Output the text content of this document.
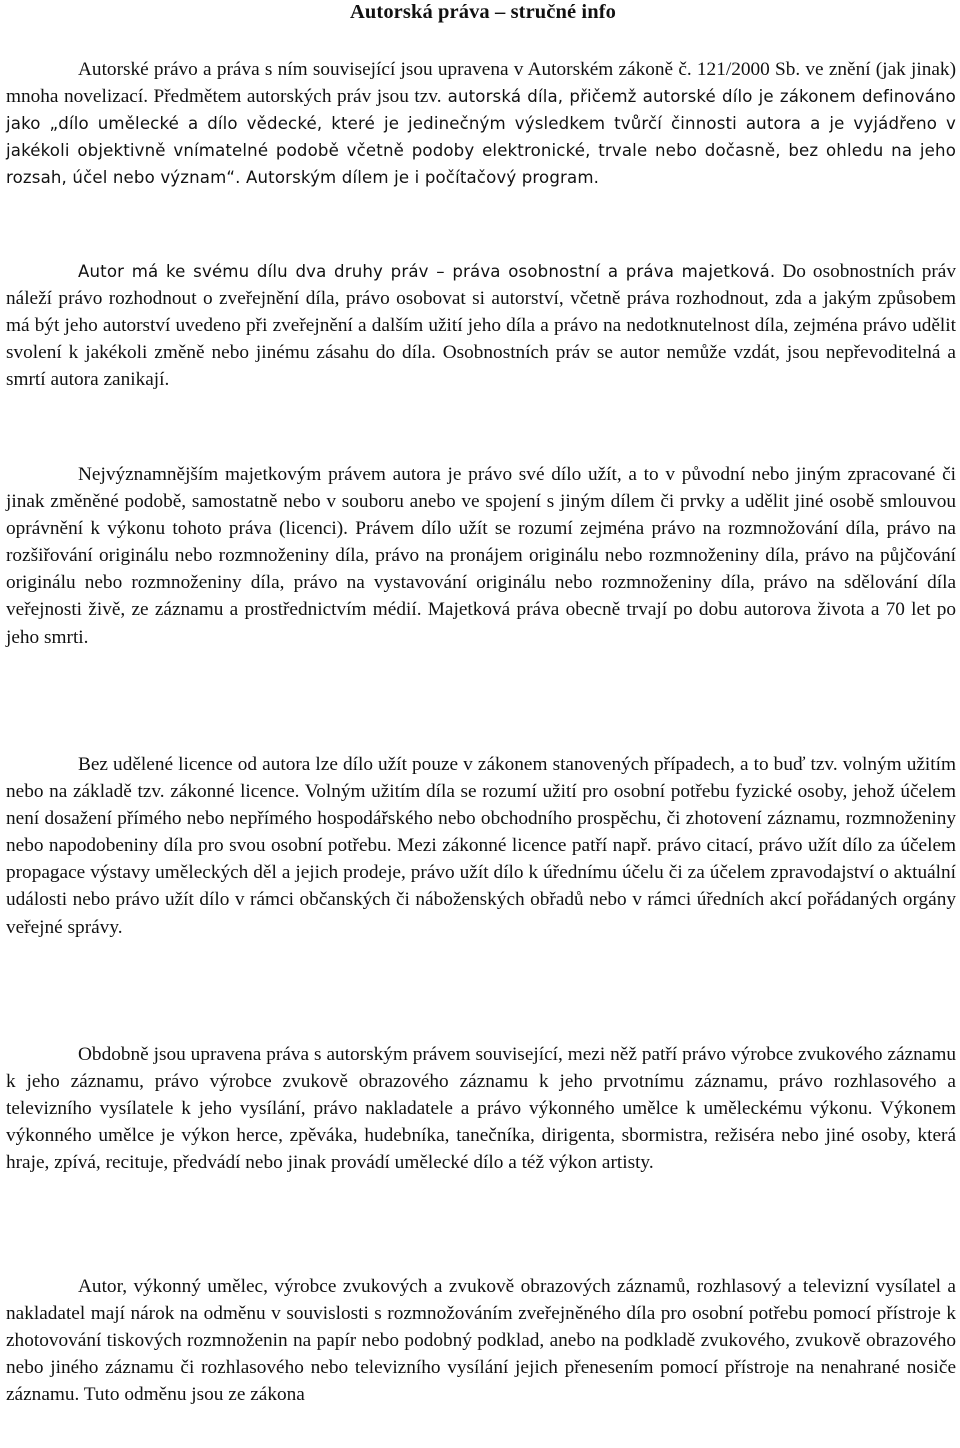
Autorská práva – stručné info

Autorské právo a práva s ním související jsou upravena v Autorském zákoně č. 121/2000 Sb. ve znění (jak jinak) mnoha novelizací. Předmětem autorských práv jsou tzv. autorská díla, přičemž autorské dílo je zákonem definováno jako „dílo umělecké a dílo vědecké, které je jedinečným výsledkem tvůrčí činnosti autora a je vyjádřeno v jakékoli objektivně vnímatelné podobě včetně podoby elektronické, trvale nebo dočasně, bez ohledu na jeho rozsah, účel nebo význam“. Autorským dílem je i počítačový program.

Autor má ke svému dílu dva druhy práv – práva osobnostní a práva majetková. Do osobnostních práv náleží právo rozhodnout o zveřejnění díla, právo osobovat si autorství, včetně práva rozhodnout, zda a jakým způsobem má být jeho autorství uvedeno při zveřejnění a dalším užití jeho díla a právo na nedotknutelnost díla, zejména právo udělit svolení k jakékoli změně nebo jinému zásahu do díla. Osobnostních práv se autor nemůže vzdát, jsou nepřevoditelná a smrtí autora zanikají.

Nejvýznamnějším majetkovým právem autora je právo své dílo užít, a to v původní nebo jiným zpracované či jinak změněné podobě, samostatně nebo v souboru anebo ve spojení s jiným dílem či prvky a udělit jiné osobě smlouvou oprávnění k výkonu tohoto práva (licenci). Právem dílo užít se rozumí zejména právo na rozmnožování díla, právo na rozšiřování originálu nebo rozmnoženiny díla, právo na pronájem originálu nebo rozmnoženiny díla, právo na půjčování originálu nebo rozmnoženiny díla, právo na vystavování originálu nebo rozmnoženiny díla, právo na sdělování díla veřejnosti živě, ze záznamu a prostřednictvím médií. Majetková práva obecně trvají po dobu autorova života a 70 let po jeho smrti.

Bez udělené licence od autora lze dílo užít pouze v zákonem stanovených případech, a to buď tzv. volným užitím nebo na základě tzv. zákonné licence. Volným užitím díla se rozumí užití pro osobní potřebu fyzické osoby, jehož účelem není dosažení přímého nebo nepřímého hospodářského nebo obchodního prospěchu, či zhotovení záznamu, rozmnoženiny nebo napodobeniny díla pro svou osobní potřebu. Mezi zákonné licence patří např. právo citací, právo užít dílo za účelem propagace výstavy uměleckých děl a jejich prodeje, právo užít dílo k úřednímu účelu či za účelem zpravodajství o aktuální události nebo právo užít dílo v rámci občanských či náboženských obřadů nebo v rámci úředních akcí pořádaných orgány veřejné správy.

Obdobně jsou upravena práva s autorským právem související, mezi něž patří právo výrobce zvukového záznamu k jeho záznamu, právo výrobce zvukově obrazového záznamu k jeho prvotnímu záznamu, právo rozhlasového a televizního vysílatele k jeho vysílání, právo nakladatele a právo výkonného umělce k uměleckému výkonu. Výkonem výkonného umělce je výkon herce, zpěváka, hudebníka, tanečníka, dirigenta, sbormistra, režiséra nebo jiné osoby, která hraje, zpívá, recituje, předvádí nebo jinak provádí umělecké dílo a též výkon artisty.

Autor, výkonný umělec, výrobce zvukových a zvukově obrazových záznamů, rozhlasový a televizní vysílatel a nakladatel mají nárok na odměnu v souvislosti s rozmnožováním zveřejněného díla pro osobní potřebu pomocí přístroje k zhotovování tiskových rozmnoženin na papír nebo podobný podklad, anebo na podkladě zvukového, zvukově obrazového nebo jiného záznamu či rozhlasového nebo televizního vysílání jejich přenesením pomocí přístroje na nenahrané nosiče záznamu. Tuto odměnu jsou ze zákona
